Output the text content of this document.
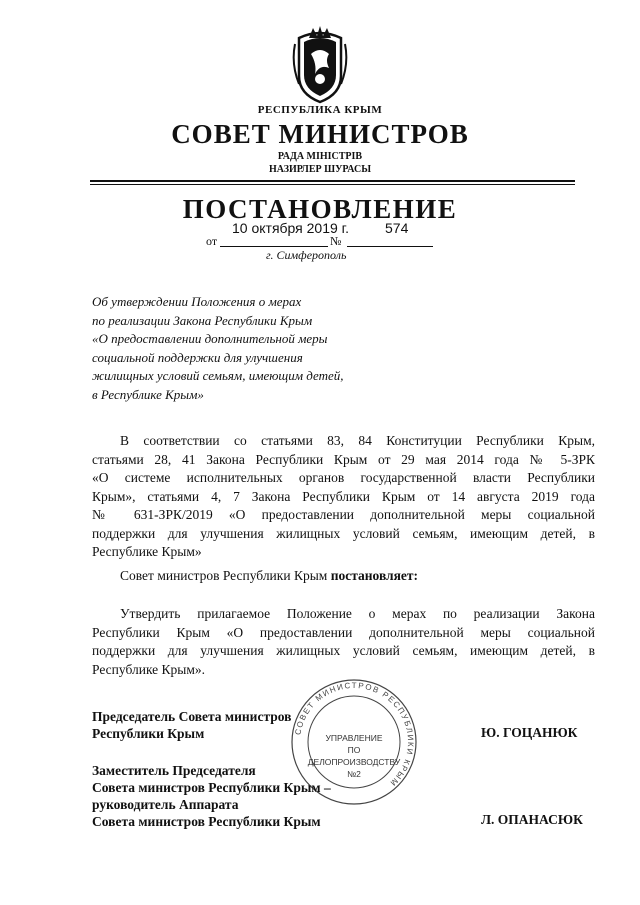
РЕСПУБЛИКА КРЫМ
СОВЕТ МИНИСТРОВ
РАДА МІНІСТРІВ
НАЗИРЛЕР ШУРАСЫ
ПОСТАНОВЛЕНИЕ
10 октября 2019 г.	574
от	№
г. Симферополь
Об утверждении Положения о мерах
по реализации Закона Республики Крым
«О предоставлении дополнительной меры
социальной поддержки для улучшения
жилищных условий семьям, имеющим детей,
в Республике Крым»
В соответствии со статьями 83, 84 Конституции Республики Крым,
статьями 28, 41 Закона Республики Крым от 29 мая 2014 года № 5-ЗРК
«О системе исполнительных органов государственной власти Республики
Крым», статьями 4, 7 Закона Республики Крым от 14 августа 2019 года
№ 631-ЗРК/2019 «О предоставлении дополнительной меры социальной
поддержки для улучшения жилищных условий семьям, имеющим детей, в
Республике Крым»
Совет министров Республики Крым постановляет:
Утвердить прилагаемое Положение о мерах по реализации Закона
Республики Крым «О предоставлении дополнительной меры социальной
поддержки для улучшения жилищных условий семьям, имеющим детей, в
Республике Крым».
СОВЕТ МИНИСТРОВ РЕСПУБЛИКИ КРЫМ
УПРАВЛЕНИЕ
ПО
ДЕЛОПРОИЗВОДСТВУ
№2
Председатель Совета министров
Республики Крым	Ю. ГОЦАНЮК
Заместитель Председателя
Совета министров Республики Крым –
руководитель Аппарата
Совета министров Республики Крым	Л. ОПАНАСЮК
